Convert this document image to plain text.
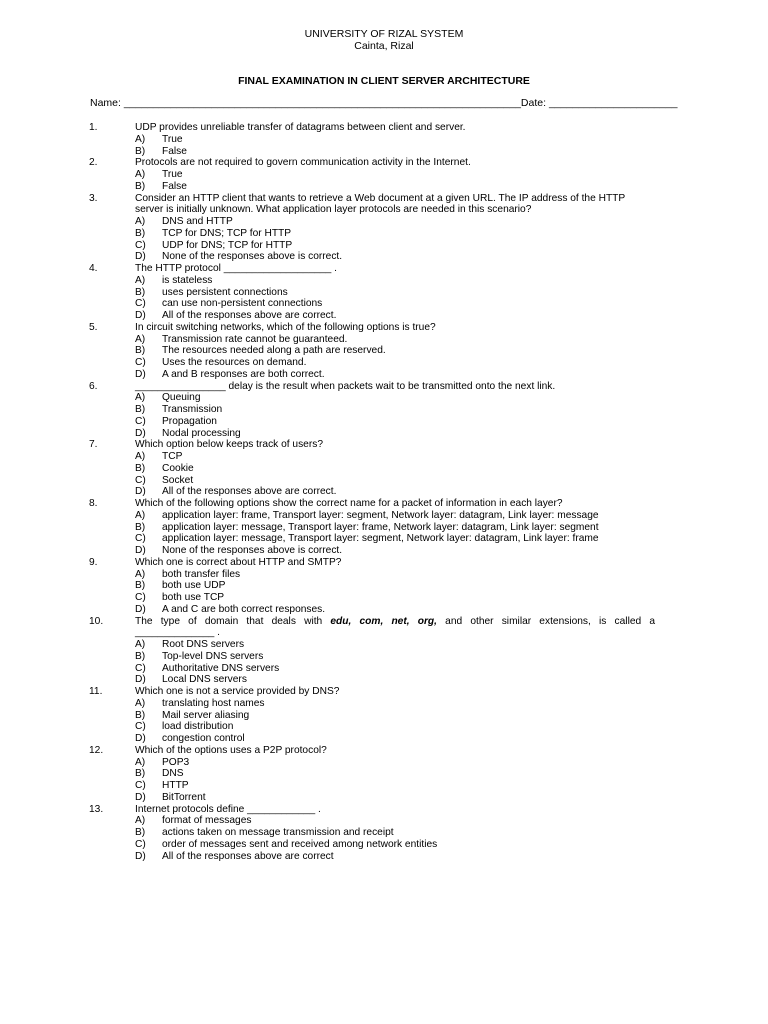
UNIVERSITY OF RIZAL SYSTEM
Cainta, Rizal
FINAL EXAMINATION IN CLIENT SERVER ARCHITECTURE
Name: ____________________________________________________________________Date: ______________________
1.	UDP provides unreliable transfer of datagrams between client and server.
A) True
B) False
2.	Protocols are not required to govern communication activity in the Internet.
A) True
B) False
3.	Consider an HTTP client that wants to retrieve a Web document at a given URL. The IP address of the HTTP server is initially unknown. What application layer protocols are needed in this scenario?
A) DNS and HTTP
B) TCP for DNS; TCP for HTTP
C) UDP for DNS; TCP for HTTP
D) None of the responses above is correct.
4.	The HTTP protocol ___________________ .
A) is stateless
B) uses persistent connections
C) can use non-persistent connections
D) All of the responses above are correct.
5.	In circuit switching networks, which of the following options is true?
A) Transmission rate cannot be guaranteed.
B) The resources needed along a path are reserved.
C) Uses the resources on demand.
D) A and B responses are both correct.
6.	________________ delay is the result when packets wait to be transmitted onto the next link.
A) Queuing
B) Transmission
C) Propagation
D) Nodal processing
7.	Which option below keeps track of users?
A) TCP
B) Cookie
C) Socket
D) All of the responses above are correct.
8.	Which of the following options show the correct name for a packet of information in each layer?
A) application layer: frame, Transport layer: segment, Network layer: datagram, Link layer: message
B) application layer: message, Transport layer: frame, Network layer: datagram, Link layer: segment
C) application layer: message, Transport layer: segment, Network layer: datagram, Link layer: frame
D) None of the responses above is correct.
9.	Which one is correct about HTTP and SMTP?
A) both transfer files
B) both use UDP
C) both use TCP
D) A and C are both correct responses.
10.	The type of domain that deals with edu, com, net, org, and other similar extensions, is called a
______________ .
A) Root DNS servers
B) Top-level DNS servers
C) Authoritative DNS servers
D) Local DNS servers
11.	Which one is not a service provided by DNS?
A) translating host names
B) Mail server aliasing
C) load distribution
D) congestion control
12.	Which of the options uses a P2P protocol?
A) POP3
B) DNS
C) HTTP
D) BitTorrent
13.	Internet protocols define ____________ .
A) format of messages
B) actions taken on message transmission and receipt
C) order of messages sent and received among network entities
D) All of the responses above are correct
